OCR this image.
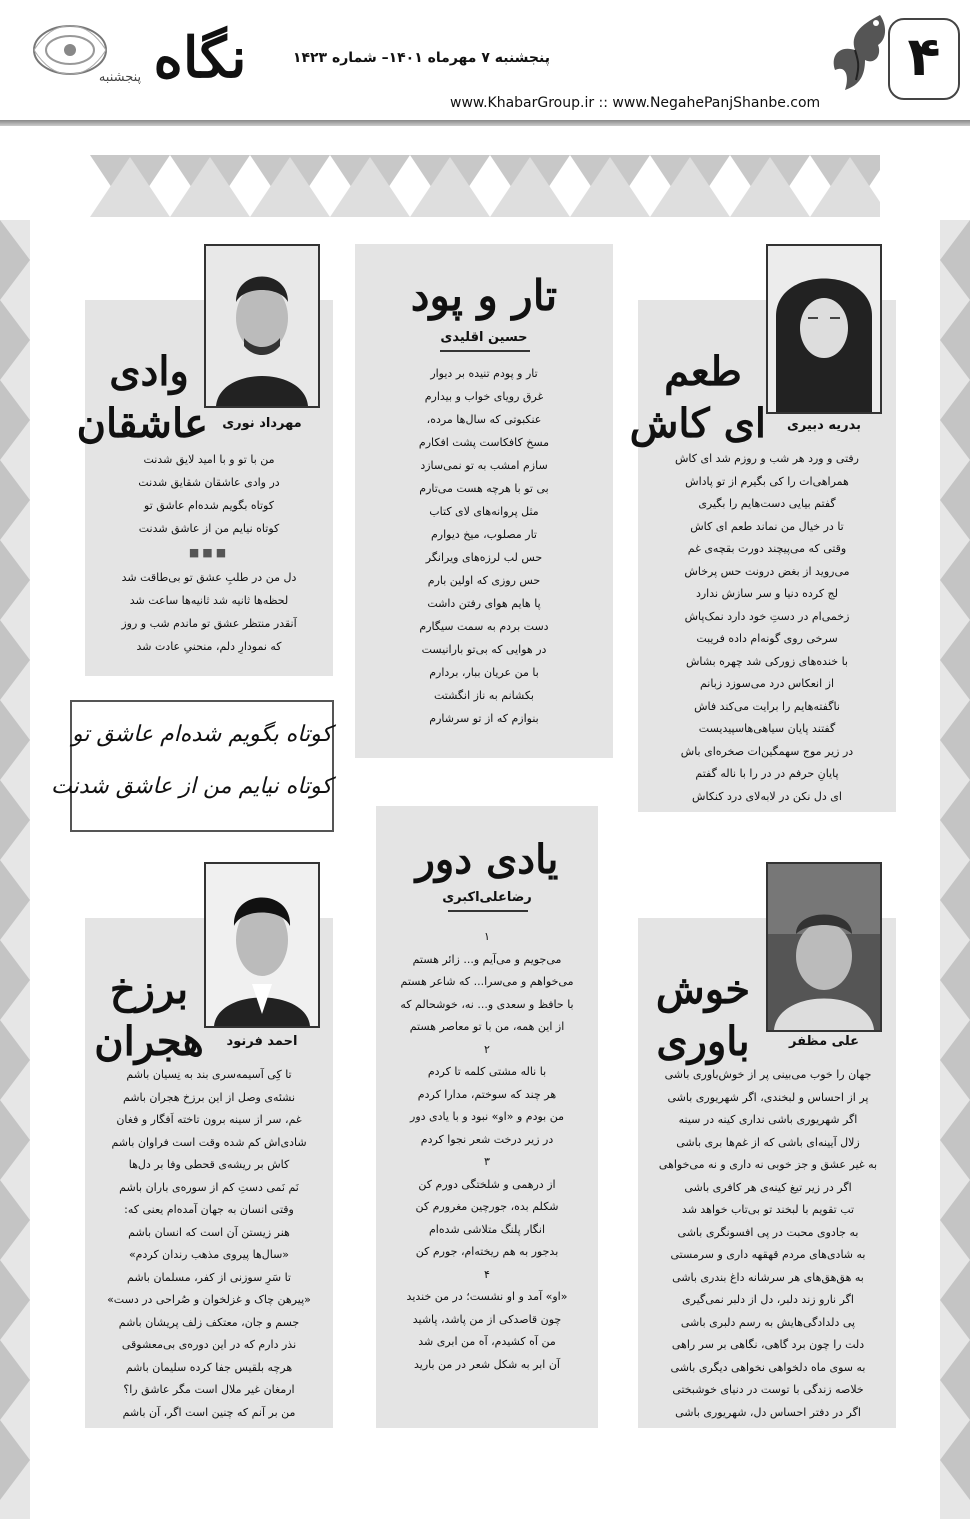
۴
نگاه
پنجشنبه
پنجشنبه ۷ مهرماه ۱۴۰۱– شماره ۱۴۲۳
www.KhabarGroup.ir :: www.NegahePanjShanbe.com
طعم
ای کاش	بدریه دبیری
رفتی و ورد هر شب و روزم شد ای کاش
همراهی‌ات را کی بگیرم از تو پاداش
گفتم بیایی دست‌هایم را بگیری
تا در خیال من نماند طعم ای کاش
وقتی که می‌پیچند دورت بقچه‌ی غم
می‌روید از بغض درونت حس پرخاش
لج کرده دنیا و سر سازش ندارد
زخمی‌ام در دستِ خود دارد نمک‌پاش
سرخی روی گونه‌ام داده فریبت
با خنده‌های زورکی شد چهره بشاش
از انعکاس درد می‌سوزد زبانم
ناگفته‌هایم را برایت می‌کند فاش
گفتند پایان سیاهی‌هاسپیدیست
در زیر موج سهمگین‌ات صخره‌ای باش
پایانِ حرفم در در را با ناله گفتم
ای دل نکن در لابه‌لای درد کنکاش
تار و پود
حسین اقلیدی
تار و پودم تنیده بر دیوار
غرق رویای خواب و بیدارم
عنکبوتی که سال‌ها مرده،
مسخ کافکاست پشت افکارم
سازم امشب به تو نمی‌سازد
بی تو با هرچه هست می‌تارم
مثل پروانه‌های لای کتاب
تار مصلوب، میخ دیوارم
حس لب لرزه‌های ویرانگر
حس روزی که اولین بارم
پا هایم هوای رفتن داشت
دست بردم به سمت سیگارم
در هوایی که بی‌تو بارانیست
با من عریان ببار، بردارم
بکشانم به ناز انگشتت
بنوازم که از تو سرشارم
وادی
عاشقان	مهرداد نوری
من با تو و با امید لایق شدنت
در وادی عاشقان شقایق شدنت
کوتاه بگویم شده‌ام عاشق تو
کوتاه نیایم من از عاشق شدنت
■■■
دل من در طلبِ عشق تو بی‌طاقت شد
لحظه‌ها ثانیه شد ثانیه‌ها ساعت شد
آنقدر منتظر عشق تو ماندم شب و روز
که نمودارِ دلم، منحنیِ عادت شد
کوتاه بگویم شده‌ام عاشق تو
کوتاه نیایم من از عاشق شدنت
خوش
باوری	علی مظفر
جهان را خوب می‌بینی پر از خوش‌باوری باشی
پر از احساس و لبخندی، اگر شهریوری باشی
اگر شهریوری باشی نداری کینه در سینه
زلال آیینه‌ای باشی که از غم‌ها بری باشی
به غیر عشق و جز خوبی نه داری و نه می‌خواهی
اگر در زیر تیغ کینه‌ی هر کافری باشی
تب تقویم با لبخند تو بی‌تاب خواهد شد
به جادوی محبت در پی افسونگری باشی
به شادی‌های مردم قهقهه داری و سرمستی
به هق‌هق‌های هر سرشانه داغ بندری باشی
اگر نارو زند دلبر، دل از دلبر نمی‌گیری
پی دلدادگی‌هایش به رسم دلبری باشی
دلت را چون برد گاهی، نگاهی بر سر راهی
به سوی ماه دلخواهی نخواهی دیگری باشی
خلاصه زندگی با توست در دنیای خوشبختی
اگر در دفتر احساس دل، شهریوری باشی
یادی دور
رضاعلی‌اکبری
۱
می‌جویم و می‌آیم و... زائر هستم
می‌خواهم و می‌سرا... که شاعر هستم
با حافظ و سعدی و... نه، خوشحالم که
از این همه، من با تو معاصر هستم
۲
با ناله مشتی کلمه تا کردم
هر چند که سوختم، مدارا کردم
من بودم و «او» نبود و با یادی دور
در زیر درخت شعر نجوا کردم
۳
از درهمی و شلختگی دورم کن
شکلم بده، جورچین مغرورم کن
انگار پلنگ متلاشی شده‌ام
بدجور به هم ریخته‌ام، جورم کن
۴
«او» آمد و او نشست؛ در من خندید
چون قاصدکی از من پاشد، پاشید
من آه کشیدم، آه من ابری شد
آن ابر به شکل شعر در من بارید
برزخ
هجران	احمد فرنود
تا کِی آسیمه‌سری بند به نِسیان باشم
نشئه‌ی وصل از این برزخ هجران باشم
غم، سر از سینه برون تاخته اَفگار و فغان
شادی‌اش کم شده وقت است فراوان باشم
کاش بر ریشه‌ی قحطی وفا بر دل‌ها
نَم نَمی دستِ کم از سوره‌ی باران باشم
وقتی انسان به جهان آمده‌ام یعنی که:
هنر زیستن آن است که انسان باشم
«سال‌ها پیروی مذهب رندان کردم»
تا سَرِ سوزنی از کفر، مسلمان باشم
«پیرهن چاک و غزلخوان و صُراحی در دست»
جسم و جان، معتکف زلف پریشان باشم
نذر دارم که در این دوره‌ی بی‌معشوقی
هرچه بلقیس جفا کرده سلیمان باشم
ارمغان غیر ملال است مگر عاشق را؟
من بر آنم که چنین است اگر، آن باشم
